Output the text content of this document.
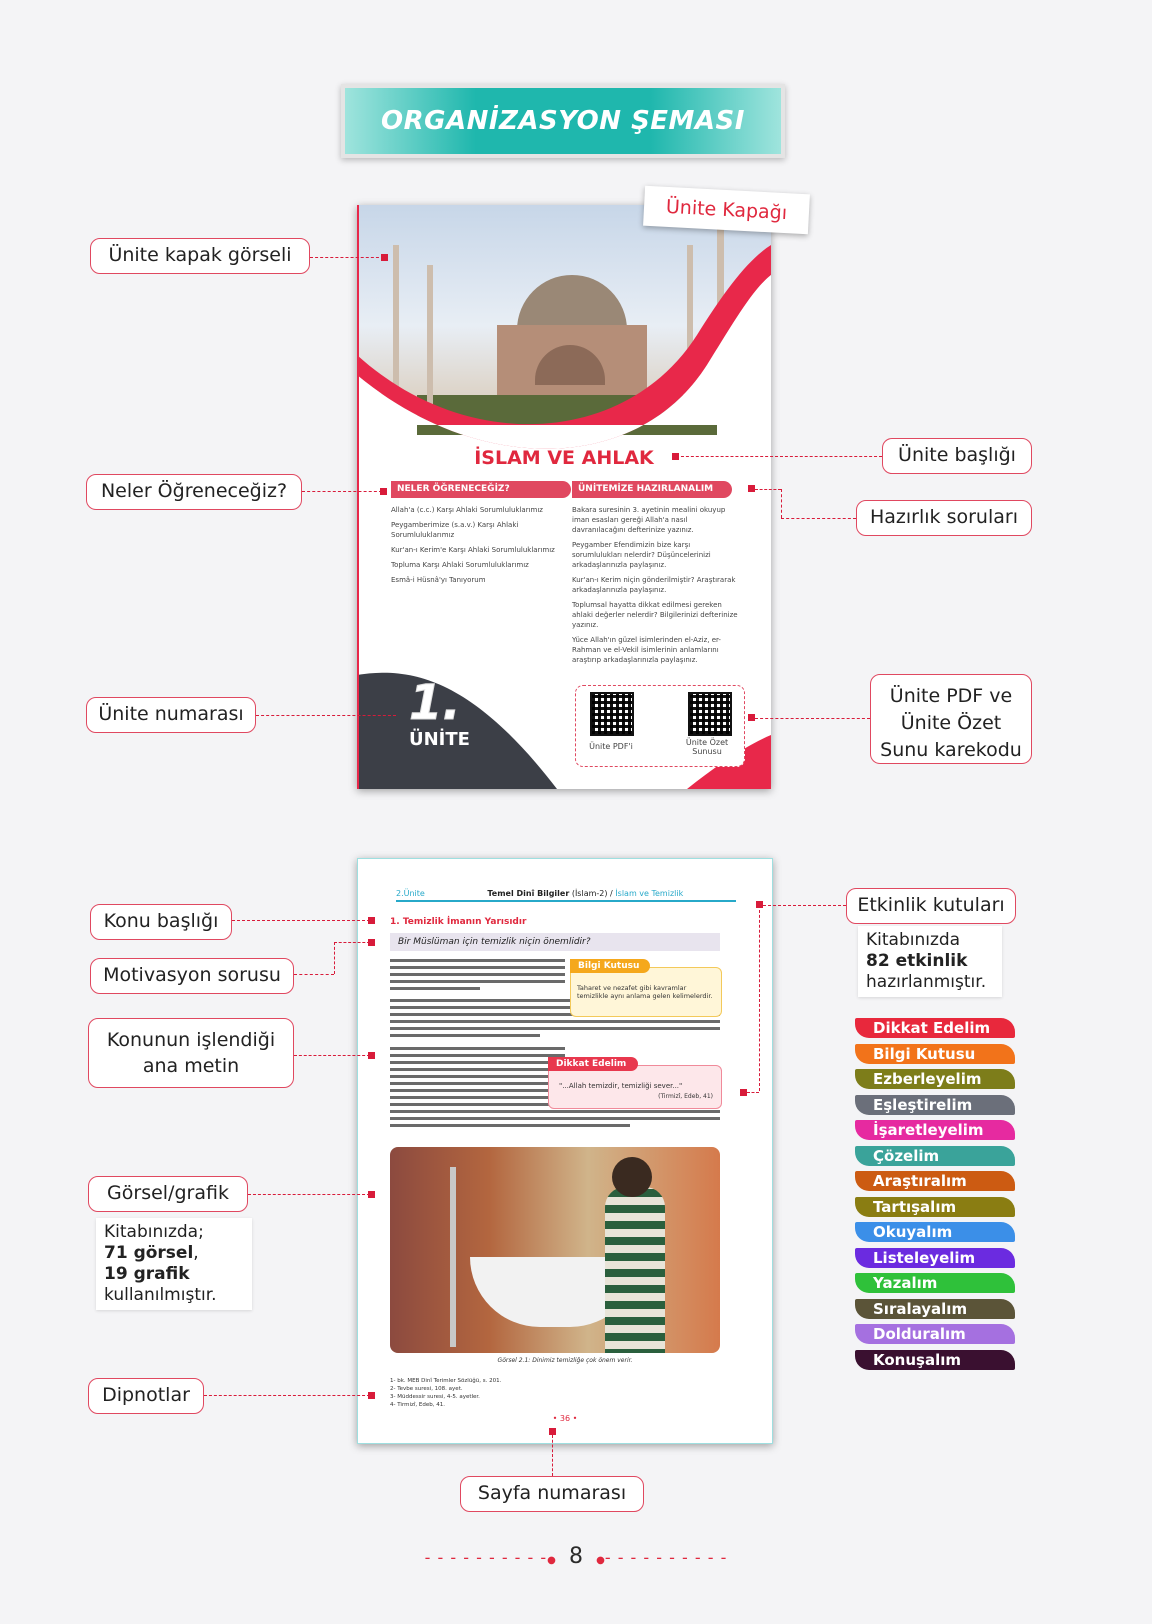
ORGANİZASYON ŞEMASI
İSLAM VE AHLAK
NELER ÖĞRENECEĞİZ?	ÜNİTEMİZE HAZIRLANALIM
Allah'a (c.c.) Karşı Ahlaki Sorumluluklarımız
Peygamberimize (s.a.v.) Karşı Ahlaki Sorumluluklarımız
Kur'an-ı Kerim'e Karşı Ahlaki Sorumluluklarımız
Topluma Karşı Ahlaki Sorumluluklarımız
Esmâ-i Hüsnâ'yı Tanıyorum
Bakara suresinin 3. ayetinin mealini okuyup iman esasları gereği Allah'a nasıl davranılacağını defterinize yazınız.
Peygamber Efendimizin bize karşı sorumlulukları nelerdir? Düşüncelerinizi arkadaşlarınızla paylaşınız.
Kur'an-ı Kerim niçin gönderilmiştir? Araştırarak arkadaşlarınızla paylaşınız.
Toplumsal hayatta dikkat edilmesi gereken ahlaki değerler nelerdir? Bilgilerinizi defterinize yazınız.
Yüce Allah'ın güzel isimlerinden el-Aziz, er-Rahman ve el-Vekil isimlerinin anlamlarını araştırıp arkadaşlarınızla paylaşınız.
1.
ÜNİTE	Ünite PDF'i	Ünite Özet Sunusu
Ünite Kapağı
Ünite kapak görseli
Neler Öğreneceğiz?
Ünite numarası
Ünite başlığı
Hazırlık soruları
Ünite PDF ve
Ünite Özet
Sunu karekodu
2.Ünite	Temel Dinî Bilgiler (İslam-2) / İslam ve Temizlik
1. Temizlik İmanın Yarısıdır
Bir Müslüman için temizlik niçin önemlidir?
Taharet ve nezafet gibi kavramlar temizlikle aynı anlama gelen kelimelerdir.
Bilgi Kutusu
"...Allah temizdir, temizliği sever..."
(Tirmizî, Edeb, 41)
Dikkat Edelim
Görsel 2.1: Dinimiz temizliğe çok önem verir.
1- bk. MEB Dinî Terimler Sözlüğü, s. 201.
2- Tevbe suresi, 108. ayet.
3- Müddessir suresi, 4-5. ayetler.
4- Tirmizî, Edeb, 41.
• 36 •
Konu başlığı
Motivasyon sorusu
Konunun işlendiği
ana metin
Görsel/grafik
Kitabınızda;
71 görsel,
19 grafik
kullanılmıştır.
Dipnotlar
Sayfa numarası
Etkinlik kutuları
Kitabınızda
82 etkinlik
hazırlanmıştır.
Dikkat Edelim
Bilgi Kutusu
Ezberleyelim
Eşleştirelim
İşaretleyelim
Çözelim
Araştıralım
Tartışalım
Okuyalım
Listeleyelim
Yazalım
Sıralayalım
Dolduralım
Konuşalım
- - - - - - - - - -● 8 ●- - - - - - - - - -
